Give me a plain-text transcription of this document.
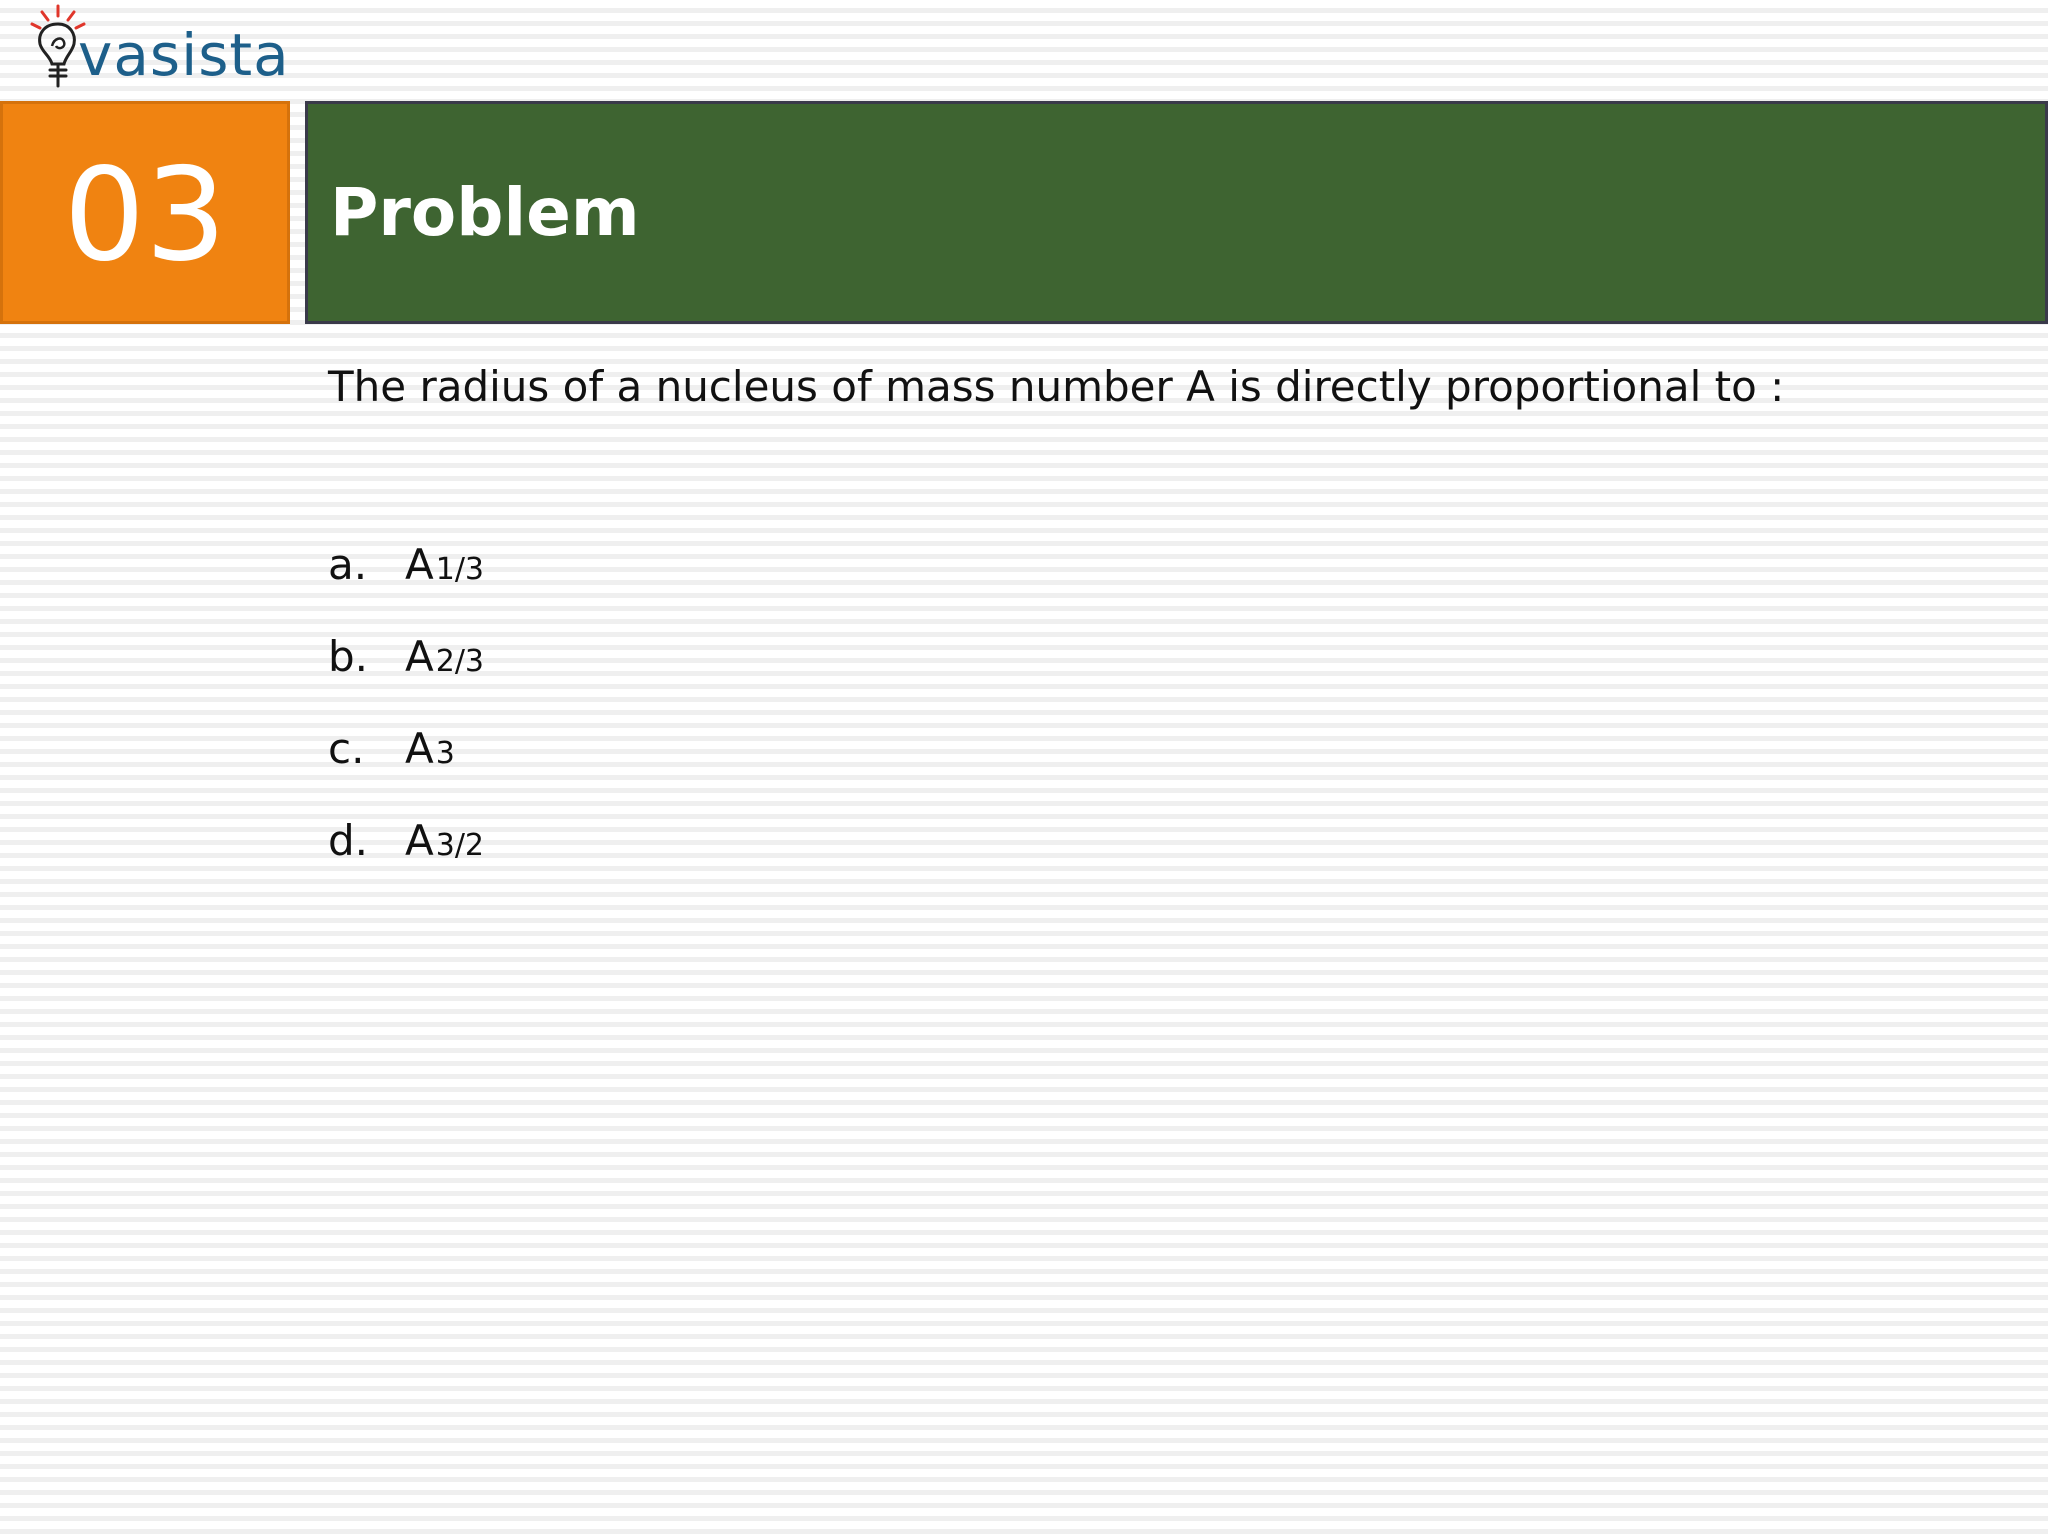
vasista
03 Problem
The radius of a nucleus of mass number A is directly proportional to :
a. A 1/3
b. A 2/3
c. A 3
d. A 3/2
